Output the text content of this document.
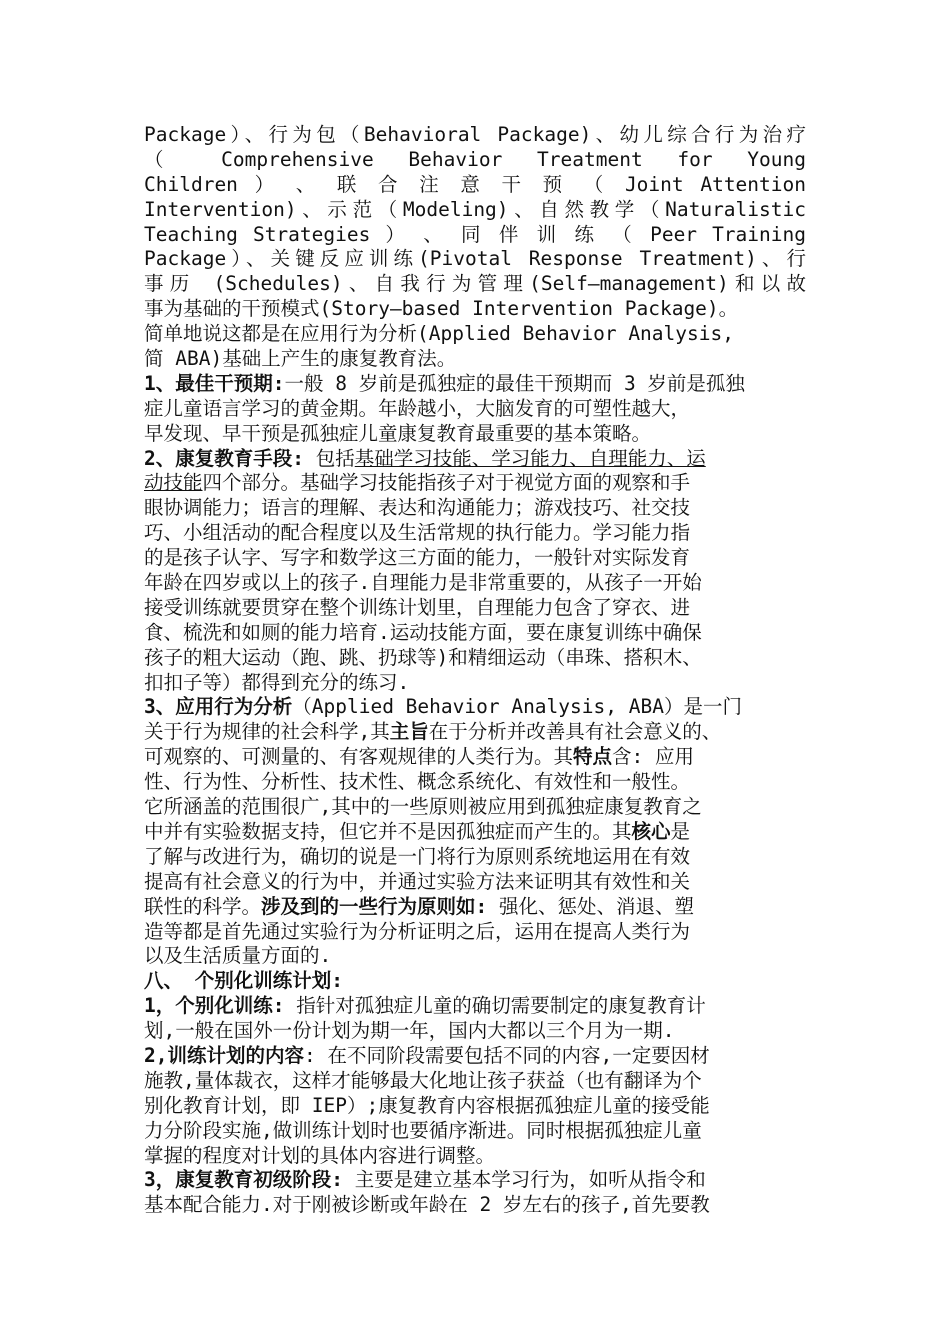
Package）、行为包（Behavioral Package)、幼儿综合行为治疗
（ Comprehensive Behavior Treatment for Young
Children ） 、 联 合 注 意 干 预 （ Joint Attention
Intervention)、示范（Modeling)、自然教学（Naturalistic
Teaching Strategies ） 、 同 伴 训 练 （ Peer Training
Package）、关键反应训练(Pivotal Response Treatment)、行
事历 (Schedules)、自我行为管理(Self—management)和以故
事为基础的干预模式(Story—based Intervention Package)。
简单地说这都是在应用行为分析(Applied Behavior Analysis,
简 ABA)基础上产生的康复教育法。
1、最佳干预期:一般 8 岁前是孤独症的最佳干预期而 3 岁前是孤独
症儿童语言学习的黄金期。年龄越小，大脑发育的可塑性越大，
早发现、早干预是孤独症儿童康复教育最重要的基本策略。
2、康复教育手段: 包括基础学习技能、学习能力、自理能力、运
动技能四个部分。基础学习技能指孩子对于视觉方面的观察和手
眼协调能力；语言的理解、表达和沟通能力；游戏技巧、社交技
巧、小组活动的配合程度以及生活常规的执行能力。学习能力指
的是孩子认字、写字和数学这三方面的能力，一般针对实际发育
年龄在四岁或以上的孩子.自理能力是非常重要的，从孩子一开始
接受训练就要贯穿在整个训练计划里，自理能力包含了穿衣、进
食、梳洗和如厕的能力培育.运动技能方面，要在康复训练中确保
孩子的粗大运动（跑、跳、扔球等)和精细运动（串珠、搭积木、
扣扣子等）都得到充分的练习.
3、应用行为分析（Applied Behavior Analysis, ABA）是一门
关于行为规律的社会科学,其主旨在于分析并改善具有社会意义的、
可观察的、可测量的、有客观规律的人类行为。其特点含: 应用
性、行为性、分析性、技术性、概念系统化、有效性和一般性。
它所涵盖的范围很广,其中的一些原则被应用到孤独症康复教育之
中并有实验数据支持，但它并不是因孤独症而产生的。其核心是
了解与改进行为，确切的说是一门将行为原则系统地运用在有效
提高有社会意义的行为中，并通过实验方法来证明其有效性和关
联性的科学。涉及到的一些行为原则如: 强化、惩处、消退、塑
造等都是首先通过实验行为分析证明之后，运用在提高人类行为
以及生活质量方面的.
八、 个别化训练计划:
1，个别化训练: 指针对孤独症儿童的确切需要制定的康复教育计
划,一般在国外一份计划为期一年，国内大都以三个月为一期.
2,训练计划的内容: 在不同阶段需要包括不同的内容,一定要因材
施教,量体裁衣，这样才能够最大化地让孩子获益（也有翻译为个
别化教育计划，即 IEP）;康复教育内容根据孤独症儿童的接受能
力分阶段实施,做训练计划时也要循序渐进。同时根据孤独症儿童
掌握的程度对计划的具体内容进行调整。
3，康复教育初级阶段: 主要是建立基本学习行为，如听从指令和
基本配合能力.对于刚被诊断或年龄在 2 岁左右的孩子,首先要教
